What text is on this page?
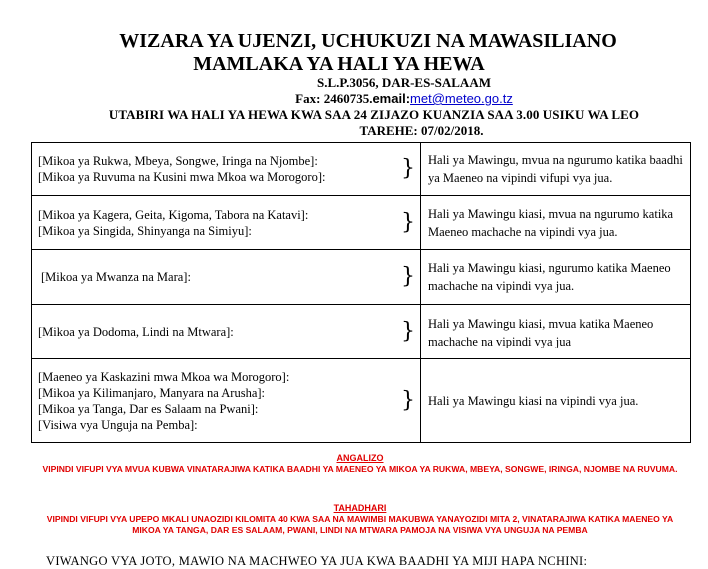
WIZARA YA UJENZI, UCHUKUZI NA MAWASILIANO
MAMLAKA YA HALI YA HEWA
S.L.P.3056, DAR-ES-SALAAM
Fax: 2460735.email:met@meteo.go.tz
UTABIRI WA HALI YA HEWA KWA SAA 24 ZIJAZO KUANZIA SAA 3.00 USIKU WA LEO
TAREHE: 07/02/2018.
[Mikoa ya Rukwa, Mbeya, Songwe, Iringa na Njombe]:
[Mikoa ya Ruvuma na Kusini mwa Mkoa wa Morogoro]:	}	Hali ya Mawingu, mvua na ngurumo katika baadhi ya Maeneo na vipindi vifupi vya jua.

[Mikoa ya Kagera, Geita, Kigoma, Tabora na Katavi]:
[Mikoa ya Singida, Shinyanga na Simiyu]:	}	Hali ya Mawingu kiasi, mvua na ngurumo katika Maeneo machache na vipindi vya jua.

[Mikoa ya Mwanza na Mara]:	}	Hali ya Mawingu kiasi, ngurumo katika Maeneo machache na vipindi vya jua.

[Mikoa ya Dodoma, Lindi na Mtwara]:	}	Hali ya Mawingu kiasi, mvua katika Maeneo machache na vipindi vya jua

[Maeneo ya Kaskazini mwa Mkoa wa Morogoro]:
[Mikoa ya Kilimanjaro, Manyara na Arusha]:
[Mikoa ya Tanga, Dar es Salaam na Pwani]:
[Visiwa vya Unguja na Pemba]:	}	Hali ya Mawingu kiasi na vipindi vya jua.
ANGALIZO
VIPINDI VIFUPI VYA MVUA KUBWA VINATARAJIWA KATIKA BAADHI YA MAENEO YA MIKOA YA RUKWA, MBEYA, SONGWE, IRINGA, NJOMBE NA RUVUMA.
TAHADHARI
VIPINDI VIFUPI VYA UPEPO MKALI UNAOZIDI KILOMITA 40 KWA SAA NA MAWIMBI MAKUBWA YANAYOZIDI MITA 2, VINATARAJIWA KATIKA MAENEO YA MIKOA YA TANGA, DAR ES SALAAM, PWANI, LINDI NA MTWARA PAMOJA NA VISIWA VYA UNGUJA NA PEMBA
VIWANGO VYA JOTO, MAWIO NA MACHWEO YA JUA KWA BAADHI YA MIJI HAPA NCHINI:
